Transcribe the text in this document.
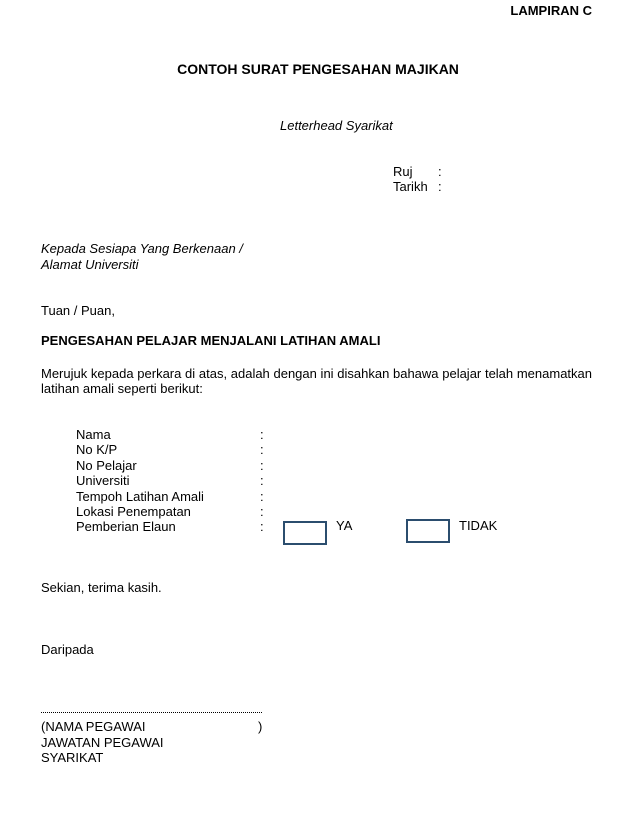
LAMPIRAN C
CONTOH SURAT PENGESAHAN MAJIKAN
Letterhead Syarikat
Ruj	:
Tarikh :
Kepada Sesiapa Yang Berkenaan /
Alamat Universiti
Tuan / Puan,
PENGESAHAN PELAJAR MENJALANI LATIHAN AMALI
Merujuk kepada perkara di atas, adalah dengan ini disahkan bahawa pelajar telah menamatkan latihan amali seperti berikut:
Nama	:
No K/P	:
No Pelajar	:
Universiti	:
Tempoh Latihan Amali	:
Lokasi Penempatan	:
Pemberian Elaun	:	YA	TIDAK
Sekian, terima kasih.
Daripada
(NAMA PEGAWAI	)
JAWATAN PEGAWAI
SYARIKAT
